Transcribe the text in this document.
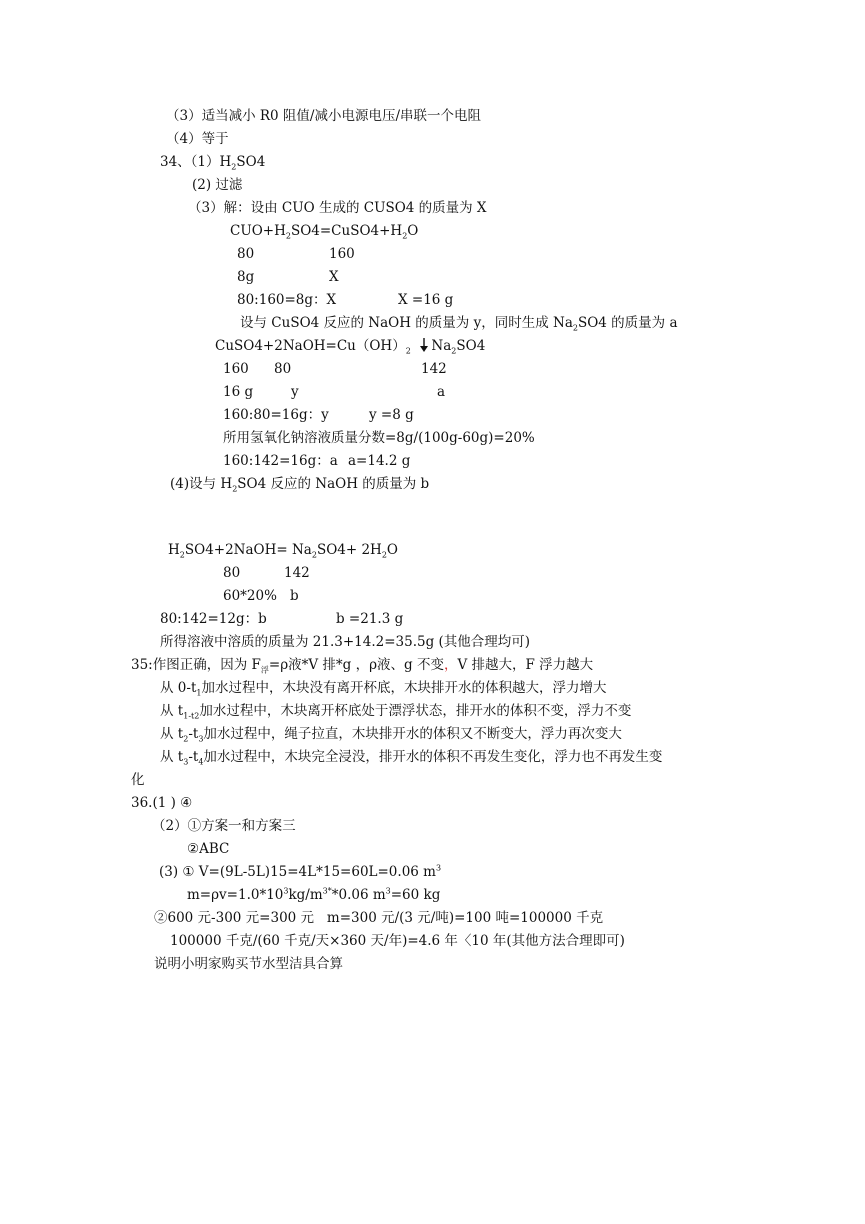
（3）适当减小 R0 阻值/减小电源电压/串联一个电阻
（4）等于
34、$(1)H_2SO4$
(2) 过滤
（3）解：设由 CUO 生成的 CUSO4 的质量为 X
$CUO+H_2SO4=CuSO4+H_2O$
80	160
8g	X
80:160=8g：X	X =16 g
设与 CuSO4 反应的 NaOH 的质量为 y，同时生成 $Na_2SO4$ 的质量为 a
$CuSO4+2NaOH=Cu(OH)_2$ $Na_2SO4$
160 80	142
16 g	y	a
160:80=16g：y	y =8 g
所用氢氧化钠溶液质量分数=8g/(100g-60g)=20%
160:142=16g：a a=14.2 g
(4)设与 $H_2SO4$ 反应的 NaOH 的质量为 b
$H_2SO4+2NaOH= Na_2SO4+ 2H_2O$
80	142
60*20% b
80:142=12g：b	b =21.3 g
所得溶液中溶质的质量为 21.3+14.2=35.5g (其他合理均可)
35:作图正确，因为 $F_浮=\rho$液*V 排*g ，ρ液、g 不变，V 排越大，F 浮力越大
从 $0-t_1$加水过程中，木块没有离开杯底，木块排开水的体积越大，浮力增大
从 $t_{1-t2}$加水过程中，木块离开杯底处于漂浮状态，排开水的体积不变，浮力不变
从 $t_2-t_3$加水过程中，绳子拉直，木块排开水的体积又不断变大，浮力再次变大
从 $t_3-t_4$加水过程中，木块完全浸没，排开水的体积不再发生变化，浮力也不再发生变
化
36.(1 ) ④
（2）①方案一和方案三
②ABC
(3) ① V=(9L-5L)15=4L*15=60L=0.06 $m^3$
$m=\rho v=1.0*10^3kg/m^{3*}*0.06$ $m^3=60$ kg
②600 元-300 元=300 元   m=300 元/(3 元/吨)=100 吨=100000 千克
100000 千克/(60 千克/天×360 天/年)=4.6 年〈10 年(其他方法合理即可)
说明小明家购买节水型洁具合算
